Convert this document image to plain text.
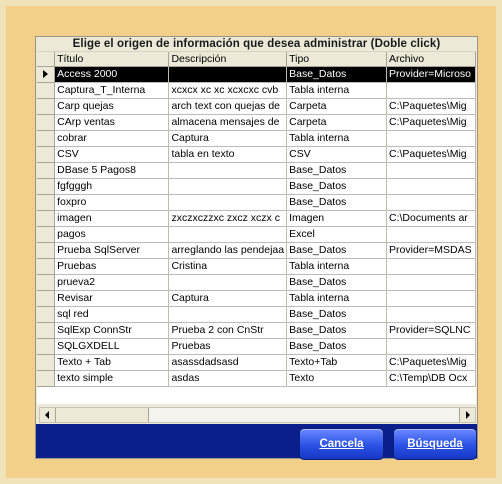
Elige el origen de información que desea administrar (Doble click)
	Título	Descripción	Tipo	Archivo
	Access 2000		Base_Datos	Provider=Microso
	Captura_T_Interna	xcxcx xc xc xcxcxc cvb	Tabla interna	
	Carp quejas	arch text con quejas de	Carpeta	C:\Paquetes\Mig
	CArp ventas	almacena mensajes de	Carpeta	C:\Paquetes\Mig
	cobrar	Captura	Tabla interna	
	CSV	tabla en texto	CSV	C:\Paquetes\Mig
	DBase 5 Pagos8		Base_Datos	
	fgfgggh		Base_Datos	
	foxpro		Base_Datos	
	imagen	zxczxczzxc zxcz xczx c	Imagen	C:\Documents ar
	pagos		Excel	
	Prueba SqlServer	arreglando las pendejaa	Base_Datos	Provider=MSDAS
	Pruebas	Cristina	Tabla interna	
	prueva2		Base_Datos	
	Revisar	Captura	Tabla interna	
	sql red		Base_Datos	
	SqlExp ConnStr	Prueba 2 con CnStr	Base_Datos	Provider=SQLNC
	SQLGXDELL	Pruebas	Base_Datos	
	Texto + Tab	asassdadsasd	Texto+Tab	C:\Paquetes\Mig
	texto simple	asdas	Texto	C:\Temp\DB Ocx
Cancela	Búsqueda
